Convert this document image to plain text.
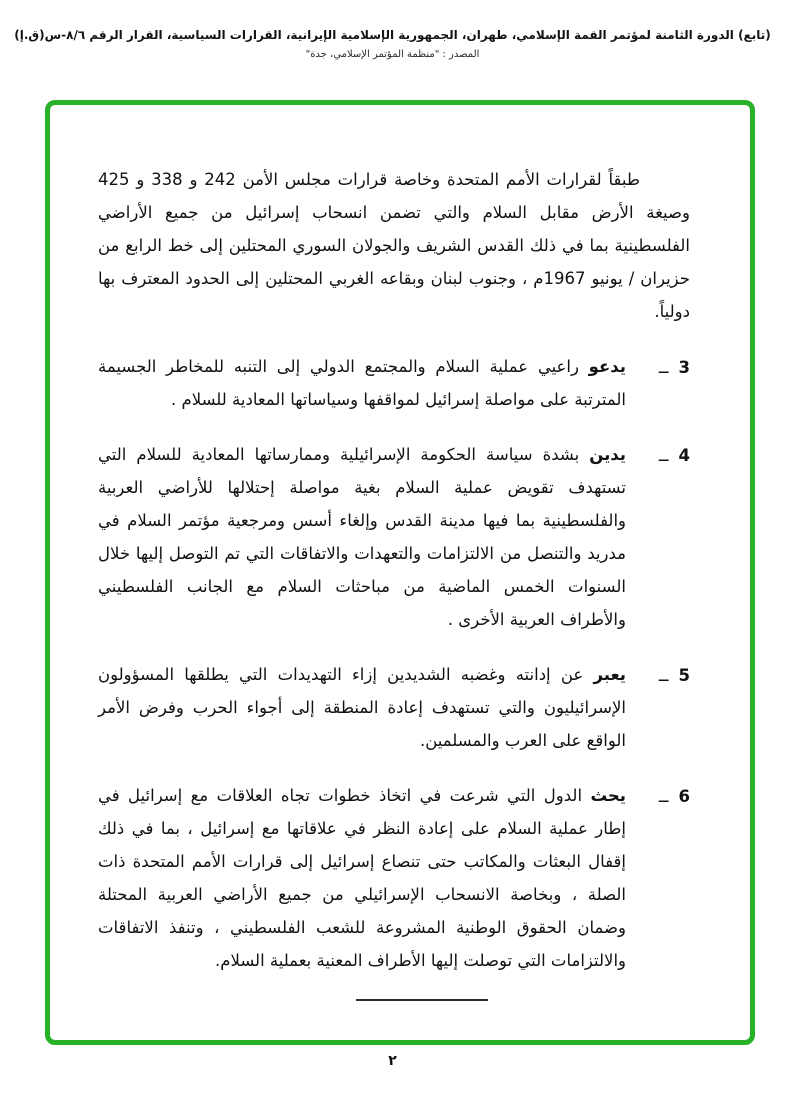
(تابع) الدورة الثامنة لمؤتمر القمة الإسلامي، طهران، الجمهورية الإسلامية الإيرانية، القرارات السياسية، القرار الرقم ٨/٦-س(ق.إ)
المصدر : "منظمة المؤتمر الإسلامي، جدة"

طبقاً لقرارات الأمم المتحدة وخاصة قرارات مجلس الأمن 242 و 338 و 425 وصيغة الأرض مقابل السلام والتي تضمن انسحاب إسرائيل من جميع الأراضي الفلسطينية بما في ذلك القدس الشريف والجولان السوري المحتلين إلى خط الرابع من حزيران / يونيو 1967م ، وجنوب لبنان وبقاعه الغربي المحتلين إلى الحدود المعترف بها دولياً.

3ــ
يدعو راعيي عملية السلام والمجتمع الدولي إلى التنبه للمخاطر الجسيمة المترتبة على مواصلة إسرائيل لمواقفها وسياساتها المعادية للسلام .
4ــ
يدين بشدة سياسة الحكومة الإسرائيلية وممارساتها المعادية للسلام التي تستهدف تقويض عملية السلام بغية مواصلة إحتلالها للأراضي العربية والفلسطينية بما فيها مدينة القدس وإلغاء أسس ومرجعية مؤتمر السلام في مدريد والتنصل من الالتزامات والتعهدات والاتفاقات التي تم التوصل إليها خلال السنوات الخمس الماضية من مباحثات السلام مع الجانب الفلسطيني والأطراف العربية الأخرى .
5ــ
يعبر عن إدانته وغضبه الشديدين إزاء التهديدات التي يطلقها المسؤولون الإسرائيليون والتي تستهدف إعادة المنطقة إلى أجواء الحرب وفرض الأمر الواقع على العرب والمسلمين.
6ــ
يحث الدول التي شرعت في اتخاذ خطوات تجاه العلاقات مع إسرائيل في إطار عملية السلام على إعادة النظر في علاقاتها مع إسرائيل ، بما في ذلك إقفال البعثات والمكاتب حتى تنصاع إسرائيل إلى قرارات الأمم المتحدة ذات الصلة ، وبخاصة الانسحاب الإسرائيلي من جميع الأراضي العربية المحتلة وضمان الحقوق الوطنية المشروعة للشعب الفلسطيني ، وتنفذ الاتفاقات والالتزامات التي توصلت إليها الأطراف المعنية بعملية السلام.
٢
